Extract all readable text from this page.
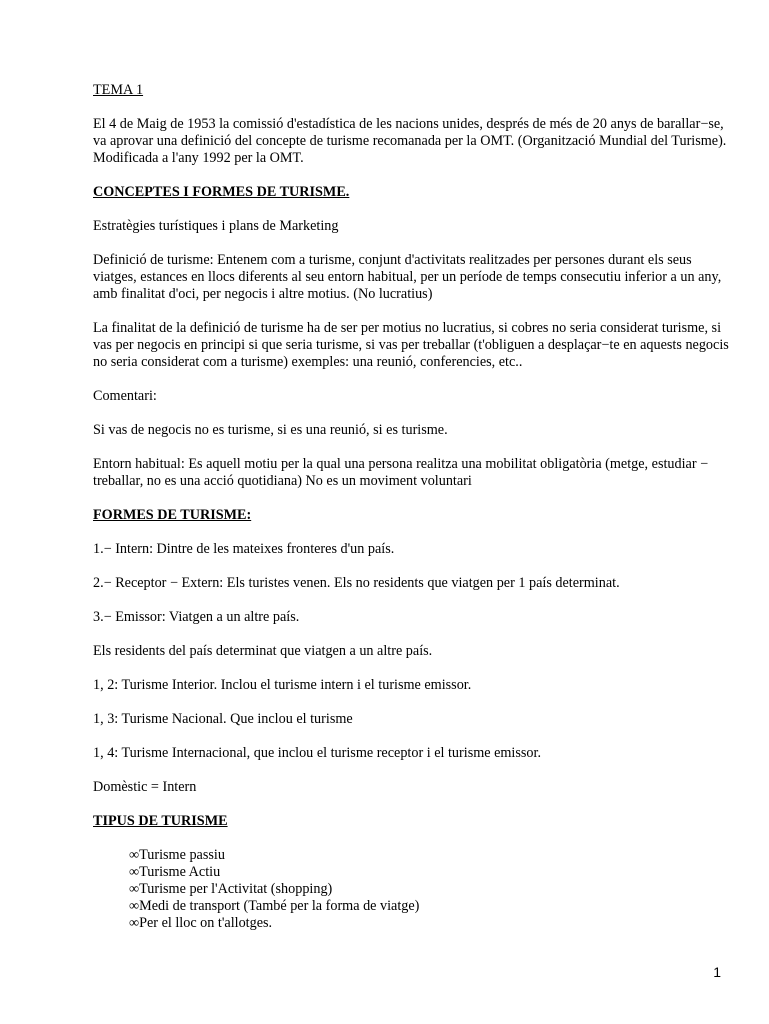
TEMA 1

El 4 de Maig de 1953 la comissió d'estadística de les nacions unides, després de més de 20 anys de barallar−se, va aprovar una definició del concepte de turisme recomanada per la OMT. (Organització Mundial del Turisme). Modificada a l'any 1992 per la OMT.

CONCEPTES I FORMES DE TURISME.

Estratègies turístiques i plans de Marketing

Definició de turisme: Entenem com a turisme, conjunt d'activitats realitzades per persones durant els seus viatges, estances en llocs diferents al seu entorn habitual, per un període de temps consecutiu inferior a un any, amb finalitat d'oci, per negocis i altre motius. (No lucratius)

La finalitat de la definició de turisme ha de ser per motius no lucratius, si cobres no seria considerat turisme, si vas per negocis en principi si que seria turisme, si vas per treballar (t'obliguen a desplaçar−te en aquests negocis no seria considerat com a turisme) exemples: una reunió, conferencies, etc..

Comentari:

Si vas de negocis no es turisme, si es una reunió, si es turisme.

Entorn habitual: Es aquell motiu per la qual una persona realitza una mobilitat obligatòria (metge, estudiar − treballar, no es una acció quotidiana) No es un moviment voluntari

FORMES DE TURISME:

1.− Intern: Dintre de les mateixes fronteres d'un país.

2.− Receptor − Extern: Els turistes venen. Els no residents que viatgen per 1 país determinat.

3.− Emissor: Viatgen a un altre país.

Els residents del país determinat que viatgen a un altre país.

1, 2: Turisme Interior. Inclou el turisme intern i el turisme emissor.

1, 3: Turisme Nacional. Que inclou el turisme

1, 4: Turisme Internacional, que inclou el turisme receptor i el turisme emissor.

Domèstic = Intern

TIPUS DE TURISME

∞Turisme passiu
∞Turisme Actiu
∞Turisme per l'Activitat (shopping)
∞Medi de transport (També per la forma de viatge)
∞Per el lloc on t'allotges.
1
